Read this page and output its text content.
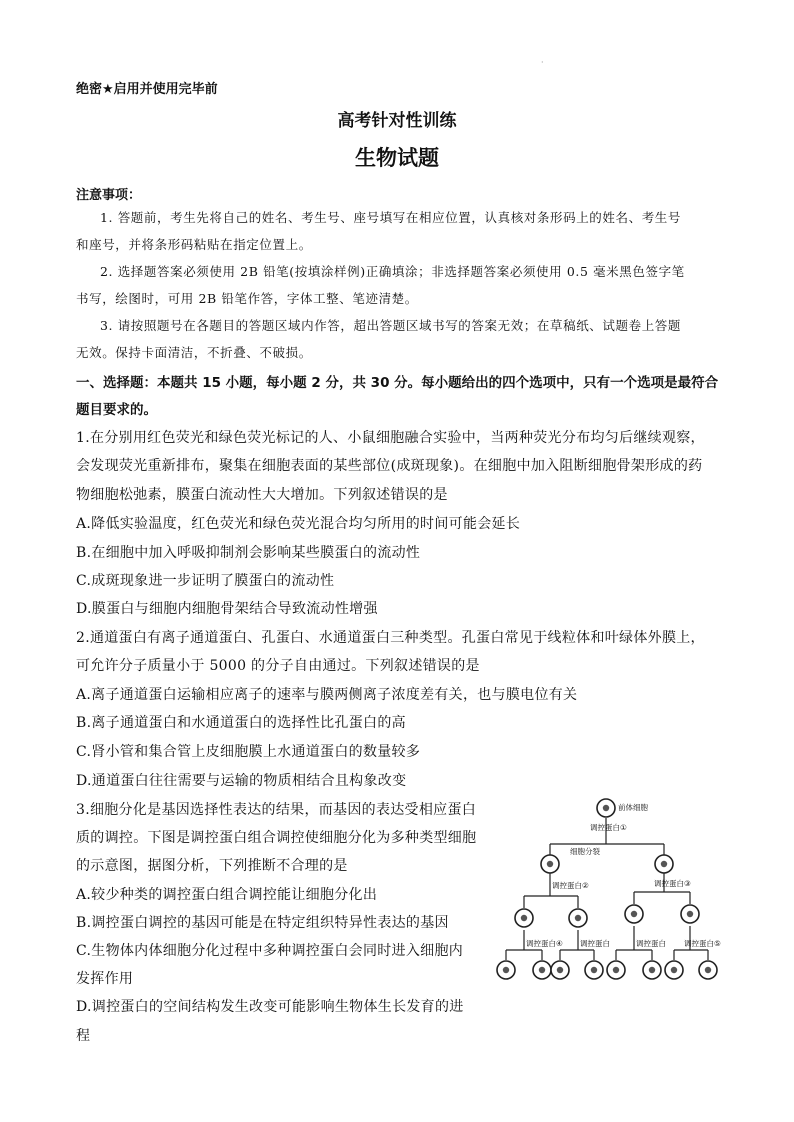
·
绝密★启用并使用完毕前
高考针对性训练
生物试题
注意事项：
1. 答题前，考生先将自己的姓名、考生号、座号填写在相应位置，认真核对条形码上的姓名、考生号
和座号，并将条形码粘贴在指定位置上。
2. 选择题答案必须使用 2B 铅笔(按填涂样例)正确填涂；非选择题答案必须使用 0.5 毫米黑色签字笔
书写，绘图时，可用 2B 铅笔作答，字体工整、笔迹清楚。
3. 请按照题号在各题目的答题区域内作答，超出答题区域书写的答案无效；在草稿纸、试题卷上答题
无效。保持卡面清洁，不折叠、不破损。
一、选择题：本题共 15 小题，每小题 2 分，共 30 分。每小题给出的四个选项中，只有一个选项是最符合题目要求的。
1.在分别用红色荧光和绿色荧光标记的人、小鼠细胞融合实验中，当两种荧光分布均匀后继续观察，
会发现荧光重新排布，聚集在细胞表面的某些部位(成斑现象)。在细胞中加入阻断细胞骨架形成的药
物细胞松弛素，膜蛋白流动性大大增加。下列叙述错误的是
A.降低实验温度，红色荧光和绿色荧光混合均匀所用的时间可能会延长
B.在细胞中加入呼吸抑制剂会影响某些膜蛋白的流动性
C.成斑现象进一步证明了膜蛋白的流动性
D.膜蛋白与细胞内细胞骨架结合导致流动性增强
2.通道蛋白有离子通道蛋白、孔蛋白、水通道蛋白三种类型。孔蛋白常见于线粒体和叶绿体外膜上，
可允许分子质量小于 5000 的分子自由通过。下列叙述错误的是
A.离子通道蛋白运输相应离子的速率与膜两侧离子浓度差有关，也与膜电位有关
B.离子通道蛋白和水通道蛋白的选择性比孔蛋白的高
C.肾小管和集合管上皮细胞膜上水通道蛋白的数量较多
D.通道蛋白往往需要与运输的物质相结合且构象改变
3.细胞分化是基因选择性表达的结果，而基因的表达受相应蛋白
质的调控。下图是调控蛋白组合调控使细胞分化为多种类型细胞
的示意图，据图分析，下列推断不合理的是
A.较少种类的调控蛋白组合调控能让细胞分化出
B.调控蛋白调控的基因可能是在特定组织特异性表达的基因
C.生物体内体细胞分化过程中多种调控蛋白会同时进入细胞内
发挥作用
D.调控蛋白的空间结构发生改变可能影响生物体生长发育的进
程
前体细胞
调控蛋白①
细胞分裂
调控蛋白②	调控蛋白③
调控蛋白④ 调控蛋白	调控蛋白 调控蛋白⑤
